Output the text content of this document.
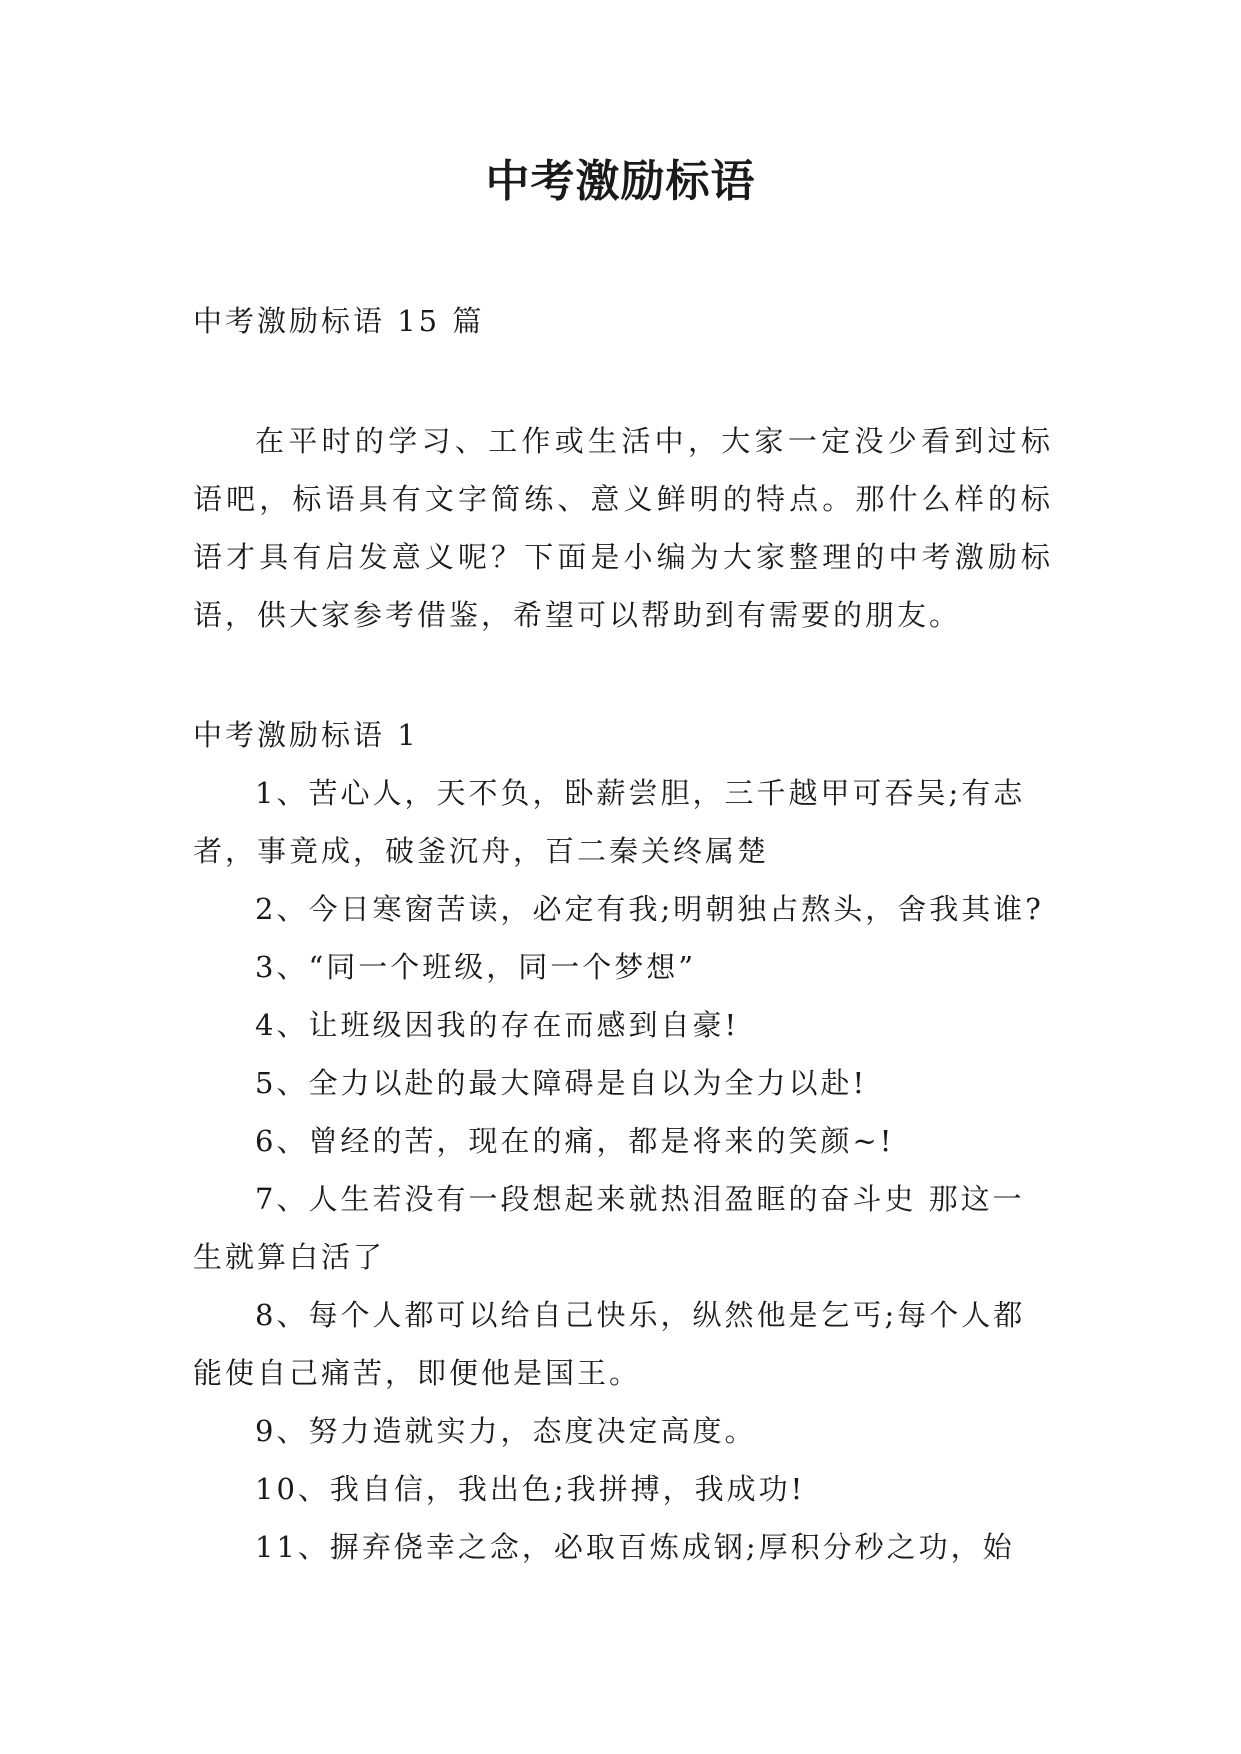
中考激励标语

中考激励标语 15 篇

在平时的学习、工作或生活中，大家一定没少看到过标语吧，标语具有文字简练、意义鲜明的特点。那什么样的标语才具有启发意义呢？下面是小编为大家整理的中考激励标语，供大家参考借鉴，希望可以帮助到有需要的朋友。

中考激励标语 1

1、苦心人，天不负，卧薪尝胆，三千越甲可吞吴;有志者，事竟成，破釜沉舟，百二秦关终属楚

2、今日寒窗苦读，必定有我;明朝独占熬头，舍我其谁?

3、“同一个班级，同一个梦想”

4、让班级因我的存在而感到自豪!

5、全力以赴的最大障碍是自以为全力以赴!

6、曾经的苦，现在的痛，都是将来的笑颜~!

7、人生若没有一段想起来就热泪盈眶的奋斗史 那这一生就算白活了

8、每个人都可以给自己快乐，纵然他是乞丐;每个人都能使自己痛苦，即便他是国王。

9、努力造就实力，态度决定高度。

10、我自信，我出色;我拼搏，我成功!

11、摒弃侥幸之念，必取百炼成钢;厚积分秒之功，始
